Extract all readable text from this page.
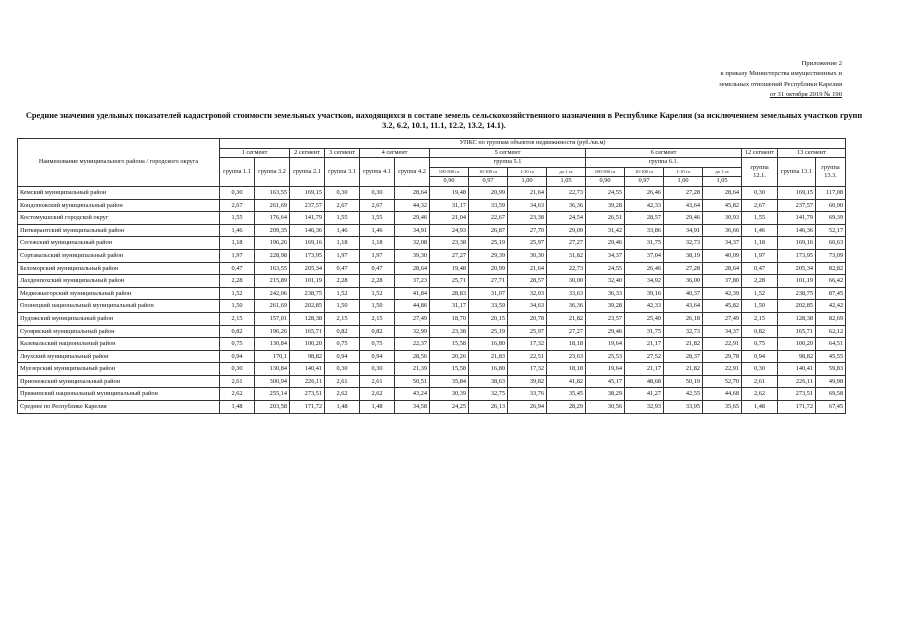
Приложение 2
к приказу Министерства имущественных и
земельных отношений Республики Карелия
от 31 октября 2019 № 190
Средние значения удельных показателей кадастровой стоимости земельных участков, находящихся в составе земель сельскохозяйственного назначения в Республике Карелия (за исключением земельных участков групп 3.2, 6.2, 10.1, 11.1, 12.2, 13.2, 14.1).
Наименование муниципального района / городского округа	УПКС по группам объектов недвижимости (руб./кв.м)																
	1 сегмент		2 сегмент	3 сегмент	4 сегмент		5 сегмент				6 сегмент				12 сегмент	13 сегмент	
	группа 1.1	группа 3.2	группа 2.1	группа 3.1	группа 4.1	группа 4.2	группа 5.1				группа 6.1.				группа 12.1.	группа 13.1	группа 13.3.
							100-500 га	10-100 га	1-10 га	до 1 га	100-500 га	10-100 га	1-10 га	до 1 га			
							0,90	0,97	1,00	1,05	0,90	0,97	1,00	1,05			
Кемский муниципальный район	0,30	163,55	169,15	0,30	0,30	28,64	19,48	20,99	21,64	22,73	24,55	26,46	27,28	28,64	0,30	169,15	117,08
Кондопожский муниципальный район	2,67	261,69	237,57	2,67	2,67	44,32	31,17	33,59	34,63	36,36	39,28	42,33	43,64	45,82	2,67	237,57	60,90
Костомукшский городской округ	1,55	176,64	141,79	1,55	1,55	29,46	21,04	22,67	23,38	24,54	26,51	28,57	29,46	30,93	1,55	141,79	69,39
Питкярантский муниципальный район	1,46	209,35	146,36	1,46	1,46	34,91	24,93	26,87	27,70	29,09	31,42	33,86	34,91	36,66	1,46	146,36	52,17
Сегежский муниципальный район	1,18	196,26	169,16	1,18	1,18	32,08	23,38	25,19	25,97	27,27	29,46	31,75	32,73	34,37	1,18	169,16	60,63
Сортавальский муниципальный район	1,97	228,98	173,95	1,97	1,97	39,30	27,27	29,39	30,30	31,82	34,37	37,04	38,19	40,09	1,97	173,95	73,09
Беломорский муниципальный район	0,47	163,55	205,34	0,47	0,47	28,64	19,48	20,99	21,64	22,73	24,55	26,46	27,28	28,64	0,47	205,34	82,82
Лахденпохский муниципальный район	2,28	215,89	101,19	2,28	2,28	37,23	25,71	27,71	28,57	30,00	32,40	34,92	36,00	37,80	2,28	101,19	66,42
Медвежьегорский муниципальный район	1,52	242,06	238,75	1,52	1,52	41,84	28,83	31,07	32,03	33,63	36,33	39,16	40,37	42,39	1,52	238,75	87,45
Олонецкий национальный муниципальный район	1,50	261,69	202,85	1,50	1,50	44,86	31,17	33,59	34,63	36,36	39,28	42,33	43,64	45,82	1,50	202,85	42,42
Пудожский муниципальный район	2,15	157,01	128,38	2,15	2,15	27,49	18,70	20,15	20,78	21,82	23,57	25,40	26,18	27,49	2,15	128,38	82,69
Суоярвский муниципальный район	0,82	196,26	165,71	0,82	0,82	32,99	23,38	25,19	25,97	27,27	29,46	31,75	32,73	34,37	0,82	165,71	62,12
Калевальский национальный район	0,75	130,84	100,20	0,75	0,75	22,37	15,58	16,80	17,32	18,18	19,64	21,17	21,82	22,91	0,75	100,20	64,51
Лоухский муниципальный район	0,94	170,1	98,82	0,94	0,94	28,56	20,26	21,83	22,51	23,63	25,53	27,52	28,37	29,78	0,94	98,82	45,55
Муезерский муниципальный район	0,30	130,84	140,41	0,30	0,30	21,39	15,58	16,80	17,32	18,18	19,64	21,17	21,82	22,91	0,30	140,41	59,83
Прионежский муниципальный район	2,61	300,94	226,11	2,61	2,61	50,51	35,84	38,63	39,82	41,82	45,17	48,68	50,19	52,70	2,61	226,11	49,98
Пряжинский национальный муниципальный район	2,62	255,14	273,51	2,62	2,62	43,24	30,39	32,75	33,76	35,45	38,29	41,27	42,55	44,68	2,62	273,51	69,58
Среднее по Республике Карелия	1,48	203,58	171,72	1,48	1,48	34,58	24,25	26,13	26,94	28,29	30,56	32,93	33,95	35,65	1,48	171,72	67,45
